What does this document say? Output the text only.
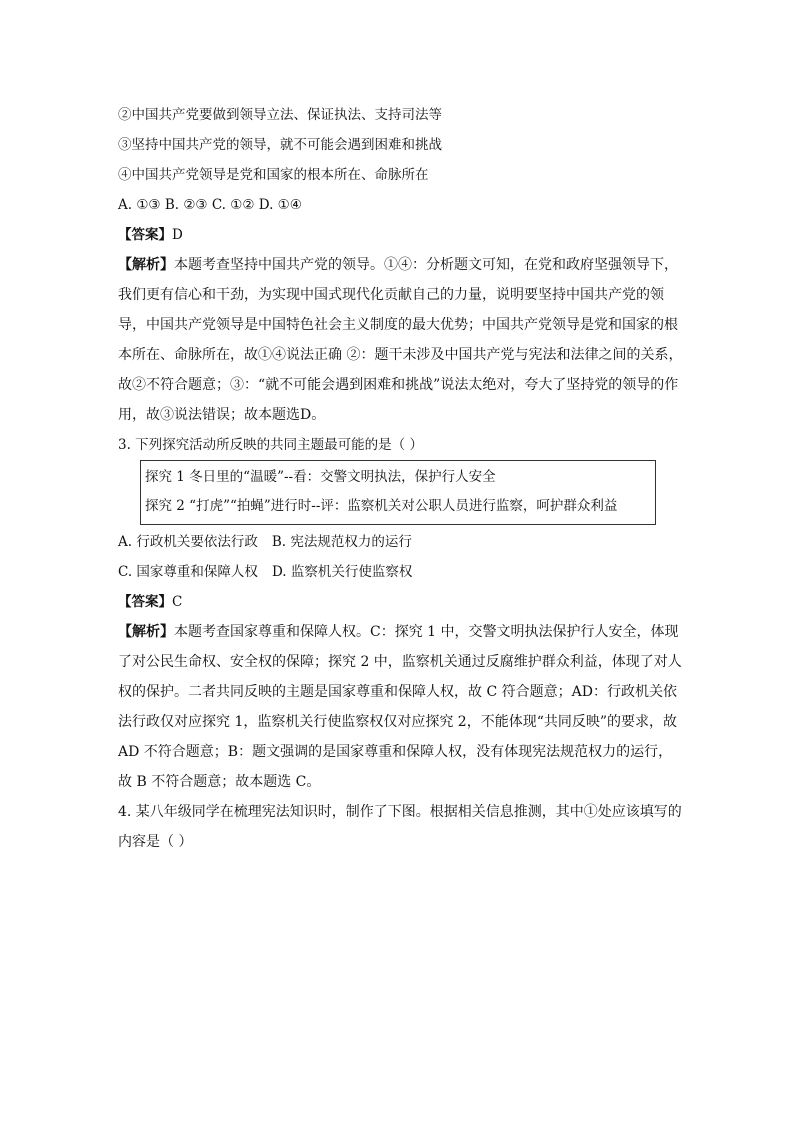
②中国共产党要做到领导立法、保证执法、支持司法等
③坚持中国共产党的领导，就不可能会遇到困难和挑战
④中国共产党领导是党和国家的根本所在、命脉所在
A. ①③ B. ②③ C. ①② D. ①④
【答案】D
【解析】本题考查坚持中国共产党的领导。①④：分析题文可知，在党和政府坚强领导下，我们更有信心和干劲，为实现中国式现代化贡献自己的力量，说明要坚持中国共产党的领导，中国共产党领导是中国特色社会主义制度的最大优势；中国共产党领导是党和国家的根本所在、命脉所在，故①④说法正确 ②：题干未涉及中国共产党与宪法和法律之间的关系，故②不符合题意；③：“就不可能会遇到困难和挑战”说法太绝对，夸大了坚持党的领导的作用，故③说法错误；故本题选D。
3. 下列探究活动所反映的共同主题最可能的是（ ）
探究 1 冬日里的“温暖”--看：交警文明执法，保护行人安全
探究 2 “打虎”“拍蝇”进行时--评：监察机关对公职人员进行监察，呵护群众利益
A. 行政机关要依法行政 B. 宪法规范权力的运行
C. 国家尊重和保障人权 D. 监察机关行使监察权
【答案】C
【解析】本题考查国家尊重和保障人权。C：探究 1 中，交警文明执法保护行人安全，体现了对公民生命权、安全权的保障；探究 2 中，监察机关通过反腐维护群众利益，体现了对人权的保护。二者共同反映的主题是国家尊重和保障人权，故 C 符合题意；AD：行政机关依法行政仅对应探究 1，监察机关行使监察权仅对应探究 2，不能体现“共同反映”的要求，故 AD 不符合题意；B：题文强调的是国家尊重和保障人权，没有体现宪法规范权力的运行，故 B 不符合题意；故本题选 C。
4. 某八年级同学在梳理宪法知识时，制作了下图。根据相关信息推测，其中①处应该填写的内容是（ ）
